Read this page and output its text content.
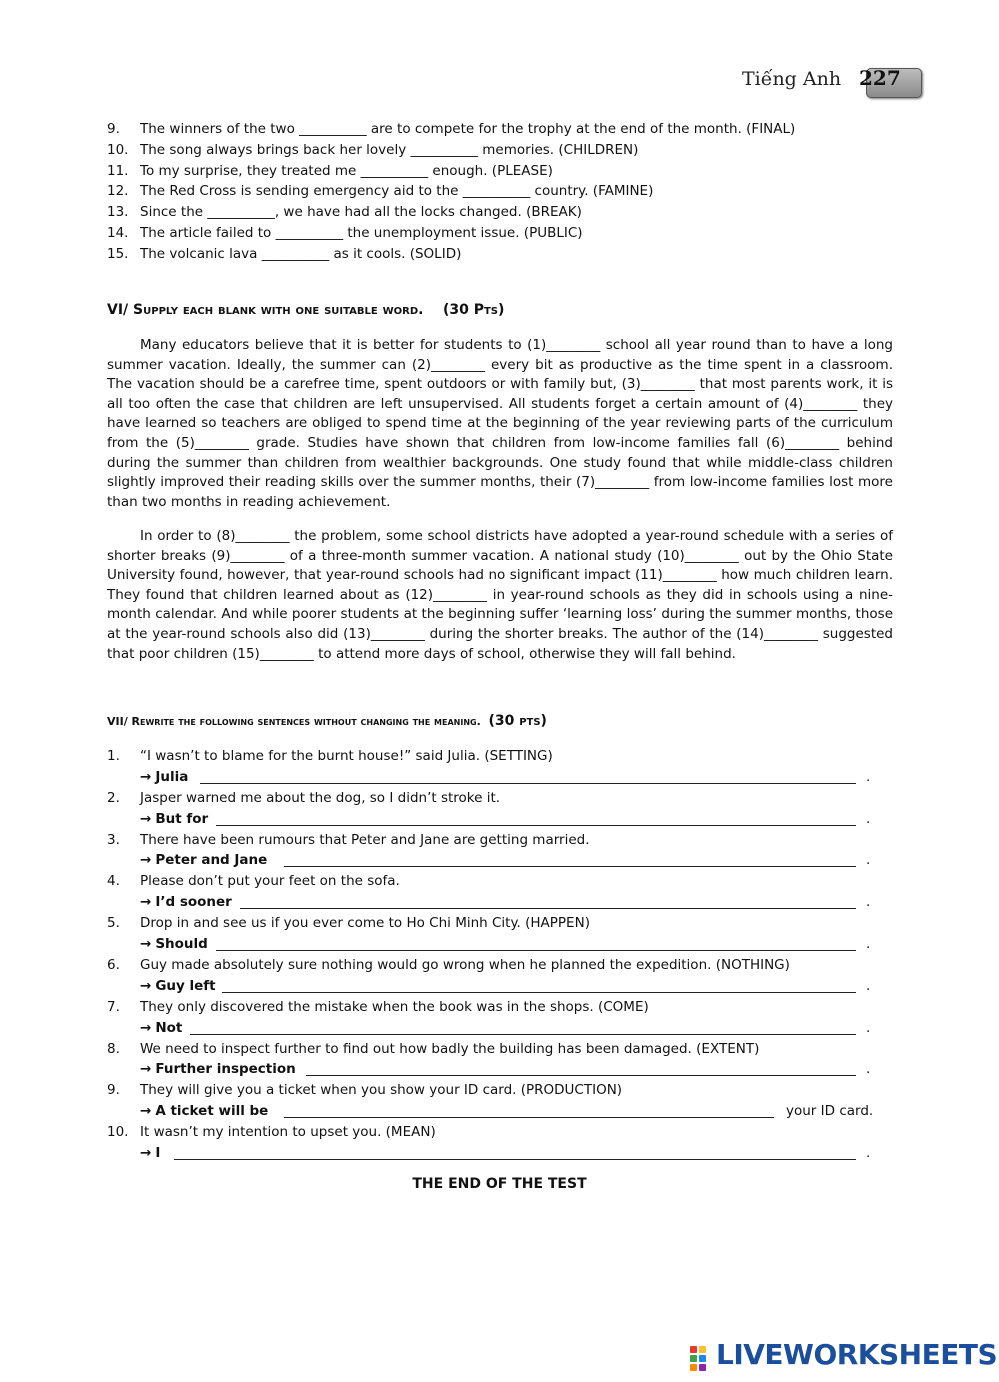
Tiếng Anh 227
9. The winners of the two __________ are to compete for the trophy at the end of the month. (FINAL)
10. The song always brings back her lovely __________ memories. (CHILDREN)
11. To my surprise, they treated me __________ enough. (PLEASE)
12. The Red Cross is sending emergency aid to the __________ country. (FAMINE)
13. Since the __________, we have had all the locks changed. (BREAK)
14. The article failed to __________ the unemployment issue. (PUBLIC)
15. The volcanic lava __________ as it cools. (SOLID)
VI/ Supply each blank with one suitable word. (30 Pts)

Many educators believe that it is better for students to (1)________ school all year round than to have a long summer vacation. Ideally, the summer can (2)________ every bit as productive as the time spent in a classroom. The vacation should be a carefree time, spent outdoors or with family but, (3)________ that most parents work, it is all too often the case that children are left unsupervised. All students forget a certain amount of (4)________ they have learned so teachers are obliged to spend time at the beginning of the year reviewing parts of the curriculum from the (5)________ grade. Studies have shown that children from low-income families fall (6)________ behind during the summer than children from wealthier backgrounds. One study found that while middle-class children slightly improved their reading skills over the summer months, their (7)________ from low-income families lost more than two months in reading achievement.

In order to (8)________ the problem, some school districts have adopted a year-round schedule with a series of shorter breaks (9)________ of a three-month summer vacation. A national study (10)________ out by the Ohio State University found, however, that year-round schools had no significant impact (11)________ how much children learn. They found that children learned about as (12)________ in year-round schools as they did in schools using a nine-month calendar. And while poorer students at the beginning suffer ‘learning loss’ during the summer months, those at the year-round schools also did (13)________ during the shorter breaks. The author of the (14)________ suggested that poor children (15)________ to attend more days of school, otherwise they will fall behind.

VII/ Rewrite the following sentences without changing the meaning. (30 pts)
1. “I wasn’t to blame for the burnt house!” said Julia. (SETTING)
→ Julia	.
2. Jasper warned me about the dog, so I didn’t stroke it.
→ But for	.
3. There have been rumours that Peter and Jane are getting married.
→ Peter and Jane	.
4. Please don’t put your feet on the sofa.
→ I’d sooner	.
5. Drop in and see us if you ever come to Ho Chi Minh City. (HAPPEN)
→ Should	.
6. Guy made absolutely sure nothing would go wrong when he planned the expedition. (NOTHING)
→ Guy left	.
7. They only discovered the mistake when the book was in the shops. (COME)
→ Not	.
8. We need to inspect further to find out how badly the building has been damaged. (EXTENT)
→ Further inspection	.
9. They will give you a ticket when you show your ID card. (PRODUCTION)
→ A ticket will be	your ID card.
10. It wasn’t my intention to upset you. (MEAN)
→ I	.
THE END OF THE TEST
LIVEWORKSHEETS
